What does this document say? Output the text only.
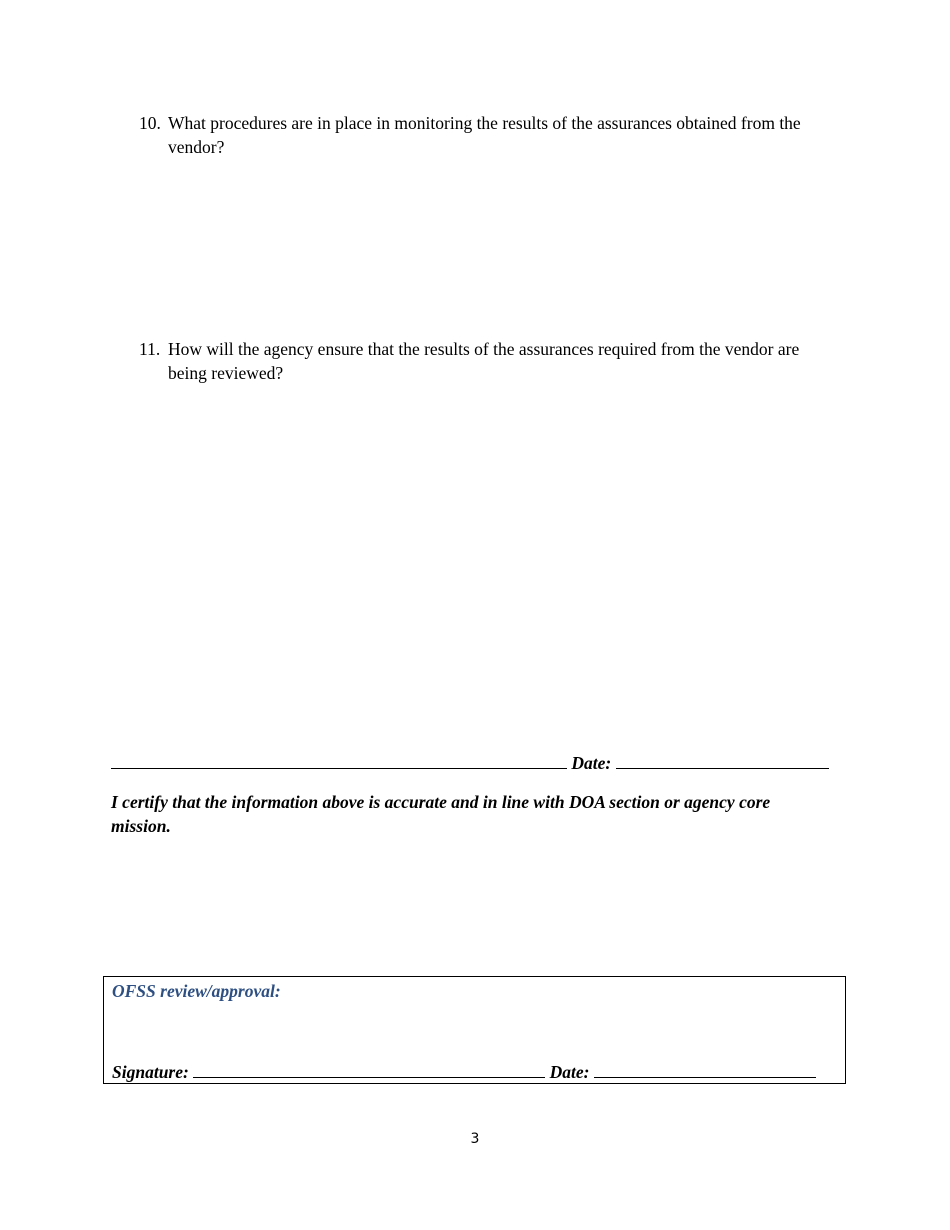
10. What procedures are in place in monitoring the results of the assurances obtained from the vendor?
11. How will the agency ensure that the results of the assurances required from the vendor are being reviewed?
Date:
I certify that the information above is accurate and in line with DOA section or agency core mission.
OFSS review/approval:
Signature:	Date:
3
